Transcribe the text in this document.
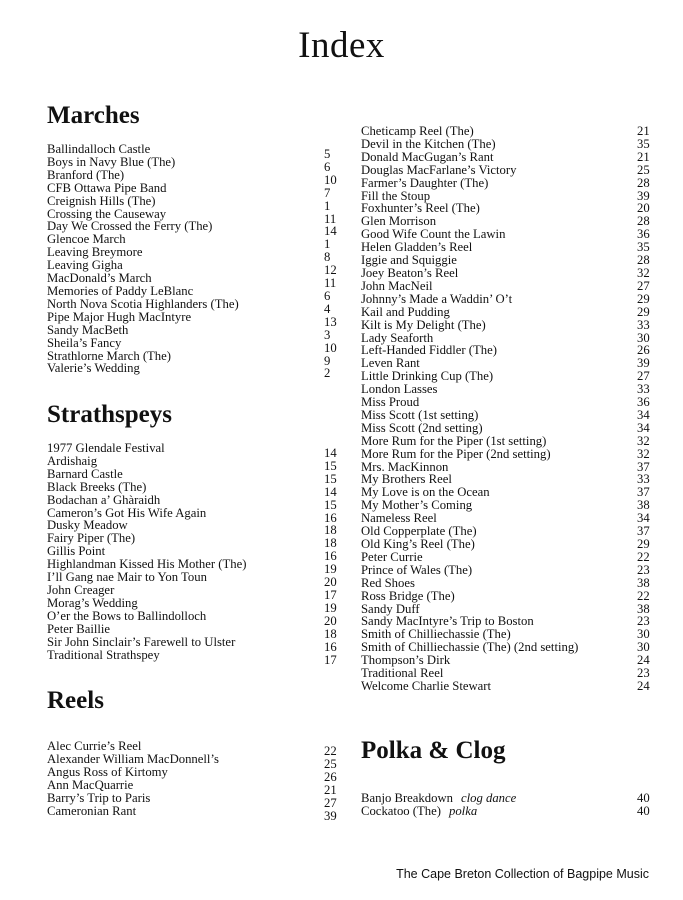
Index
Marches
Ballindalloch Castle	5
Boys in Navy Blue (The)	6
Branford (The)	10
CFB Ottawa Pipe Band	7
Creignish Hills (The)	1
Crossing the Causeway	11
Day We Crossed the Ferry (The)	14
Glencoe March	1
Leaving Breymore	8
Leaving Gigha	12
MacDonald’s March	11
Memories of Paddy LeBlanc	6
North Nova Scotia Highlanders (The)	4
Pipe Major Hugh MacIntyre	13
Sandy MacBeth	3
Sheila’s Fancy	10
Strathlorne March (The)	9
Valerie’s Wedding	2
Strathspeys
1977 Glendale Festival	14
Ardishaig	15
Barnard Castle	15
Black Breeks (The)	14
Bodachan a’ Ghàraidh	15
Cameron’s Got His Wife Again	16
Dusky Meadow	18
Fairy Piper (The)	18
Gillis Point	16
Highlandman Kissed His Mother (The)	19
I’ll Gang nae Mair to Yon Toun	20
John Creager	17
Morag’s Wedding	19
O’er the Bows to Ballindolloch	20
Peter Baillie	18
Sir John Sinclair’s Farewell to Ulster	16
Traditional Strathspey	17
Reels
Alec Currie’s Reel	22
Alexander William MacDonnell’s	25
Angus Ross of Kirtomy	26
Ann MacQuarrie	21
Barry’s Trip to Paris	27
Cameronian Rant	39
Cheticamp Reel (The)	21
Devil in the Kitchen (The)	35
Donald MacGugan’s Rant	21
Douglas MacFarlane’s Victory	25
Farmer’s Daughter (The)	28
Fill the Stoup	39
Foxhunter’s Reel (The)	20
Glen Morrison	28
Good Wife Count the Lawin	36
Helen Gladden’s Reel	35
Iggie and Squiggie	28
Joey Beaton’s Reel	32
John MacNeil	27
Johnny’s Made a Waddin’ O’t	29
Kail and Pudding	29
Kilt is My Delight (The)	33
Lady Seaforth	30
Left-Handed Fiddler (The)	26
Leven Rant	39
Little Drinking Cup (The)	27
London Lasses	33
Miss Proud	36
Miss Scott (1st setting)	34
Miss Scott (2nd setting)	34
More Rum for the Piper (1st setting)	32
More Rum for the Piper (2nd setting)	32
Mrs. MacKinnon	37
My Brothers Reel	33
My Love is on the Ocean	37
My Mother’s Coming	38
Nameless Reel	34
Old Copperplate (The)	37
Old King’s Reel (The)	29
Peter Currie	22
Prince of Wales (The)	23
Red Shoes	38
Ross Bridge (The)	22
Sandy Duff	38
Sandy MacIntyre’s Trip to Boston	23
Smith of Chilliechassie (The)	30
Smith of Chilliechassie (The) (2nd setting)	30
Thompson’s Dirk	24
Traditional Reel	23
Welcome Charlie Stewart	24
Polka & Clog
Banjo Breakdown clog dance	40
Cockatoo (The) polka	40
The Cape Breton Collection of Bagpipe Music
